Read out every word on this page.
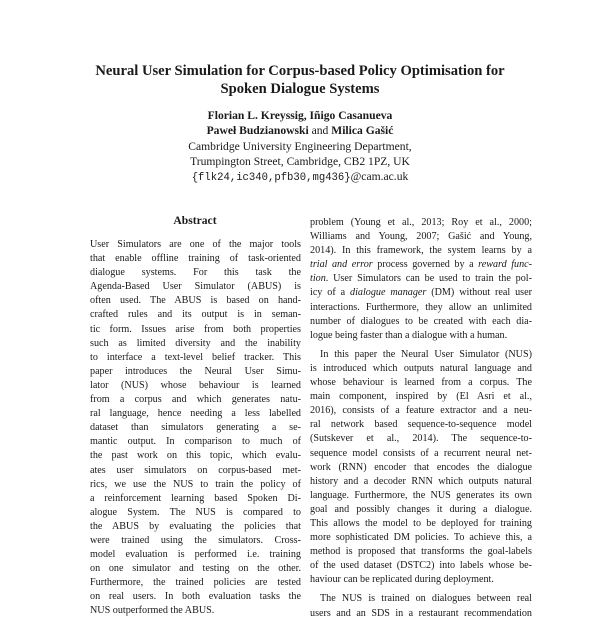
Neural User Simulation for Corpus-based Policy Optimisation for
Spoken Dialogue Systems
Florian L. Kreyssig, Iñigo Casanueva
Paweł Budzianowski and Milica Gašić
Cambridge University Engineering Department,
Trumpington Street, Cambridge, CB2 1PZ, UK
{flk24,ic340,pfb30,mg436}@cam.ac.uk
Abstract
User Simulators are one of the major tools
that enable offline training of task-oriented
dialogue systems. For this task the
Agenda-Based User Simulator (ABUS) is
often used. The ABUS is based on hand-
crafted rules and its output is in seman-
tic form. Issues arise from both properties
such as limited diversity and the inability
to interface a text-level belief tracker. This
paper introduces the Neural User Simu-
lator (NUS) whose behaviour is learned
from a corpus and which generates natu-
ral language, hence needing a less labelled
dataset than simulators generating a se-
mantic output. In comparison to much of
the past work on this topic, which evalu-
ates user simulators on corpus-based met-
rics, we use the NUS to train the policy of
a reinforcement learning based Spoken Di-
alogue System. The NUS is compared to
the ABUS by evaluating the policies that
were trained using the simulators. Cross-
model evaluation is performed i.e. training
on one simulator and testing on the other.
Furthermore, the trained policies are tested
on real users. In both evaluation tasks the
NUS outperformed the ABUS.
problem (Young et al., 2013; Roy et al., 2000;
Williams and Young, 2007; Gašić and Young,
2014). In this framework, the system learns by a
trial and error process governed by a reward func-
tion. User Simulators can be used to train the pol-
icy of a dialogue manager (DM) without real user
interactions. Furthermore, they allow an unlimited
number of dialogues to be created with each dia-
logue being faster than a dialogue with a human.
In this paper the Neural User Simulator (NUS)
is introduced which outputs natural language and
whose behaviour is learned from a corpus. The
main component, inspired by (El Asri et al.,
2016), consists of a feature extractor and a neu-
ral network based sequence-to-sequence model
(Sutskever et al., 2014). The sequence-to-
sequence model consists of a recurrent neural net-
work (RNN) encoder that encodes the dialogue
history and a decoder RNN which outputs natural
language. Furthermore, the NUS generates its own
goal and possibly changes it during a dialogue.
This allows the model to be deployed for training
more sophisticated DM policies. To achieve this, a
method is proposed that transforms the goal-labels
of the used dataset (DSTC2) into labels whose be-
haviour can be replicated during deployment.
The NUS is trained on dialogues between real
users and an SDS in a restaurant recommendation
